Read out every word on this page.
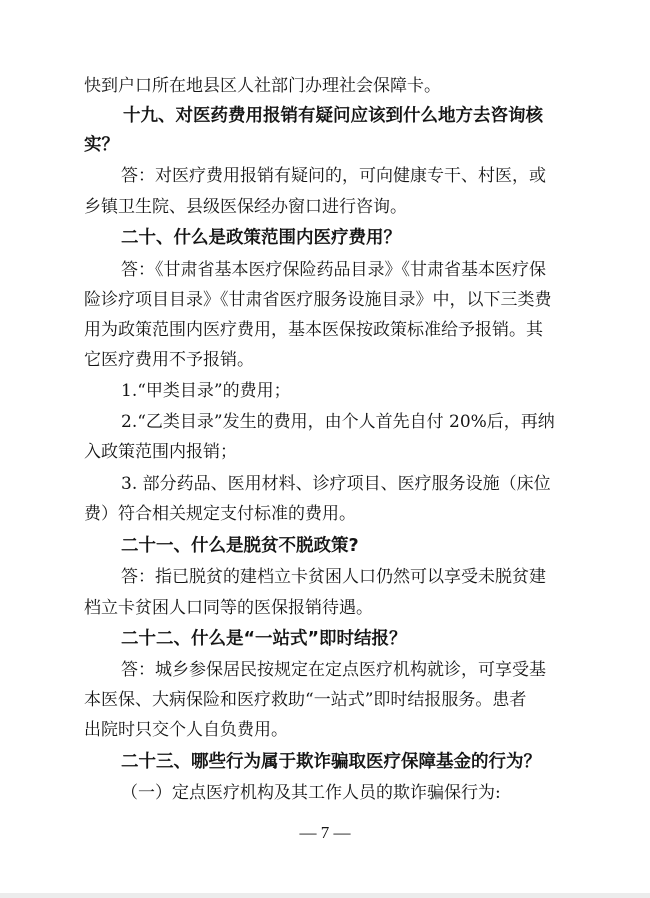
快到户口所在地县区人社部门办理社会保障卡。
十九、对医药费用报销有疑问应该到什么地方去咨询核
实？
答：对医疗费用报销有疑问的，可向健康专干、村医，或
乡镇卫生院、县级医保经办窗口进行咨询。
二十、什么是政策范围内医疗费用？
答：《甘肃省基本医疗保险药品目录》《甘肃省基本医疗保
险诊疗项目目录》《甘肃省医疗服务设施目录》中，以下三类费
用为政策范围内医疗费用，基本医保按政策标准给予报销。其
它医疗费用不予报销。
1.“甲类目录”的费用；
2.“乙类目录”发生的费用，由个人首先自付 20%后，再纳
入政策范围内报销；
3. 部分药品、医用材料、诊疗项目、医疗服务设施（床位
费）符合相关规定支付标准的费用。
二十一、什么是脱贫不脱政策?
答：指已脱贫的建档立卡贫困人口仍然可以享受未脱贫建
档立卡贫困人口同等的医保报销待遇。
二十二、什么是“一站式”即时结报？
答：城乡参保居民按规定在定点医疗机构就诊，可享受基
本医保、大病保险和医疗救助“一站式”即时结报服务。患者
出院时只交个人自负费用。
二十三、哪些行为属于欺诈骗取医疗保障基金的行为？
（一）定点医疗机构及其工作人员的欺诈骗保行为:
— 7 —
